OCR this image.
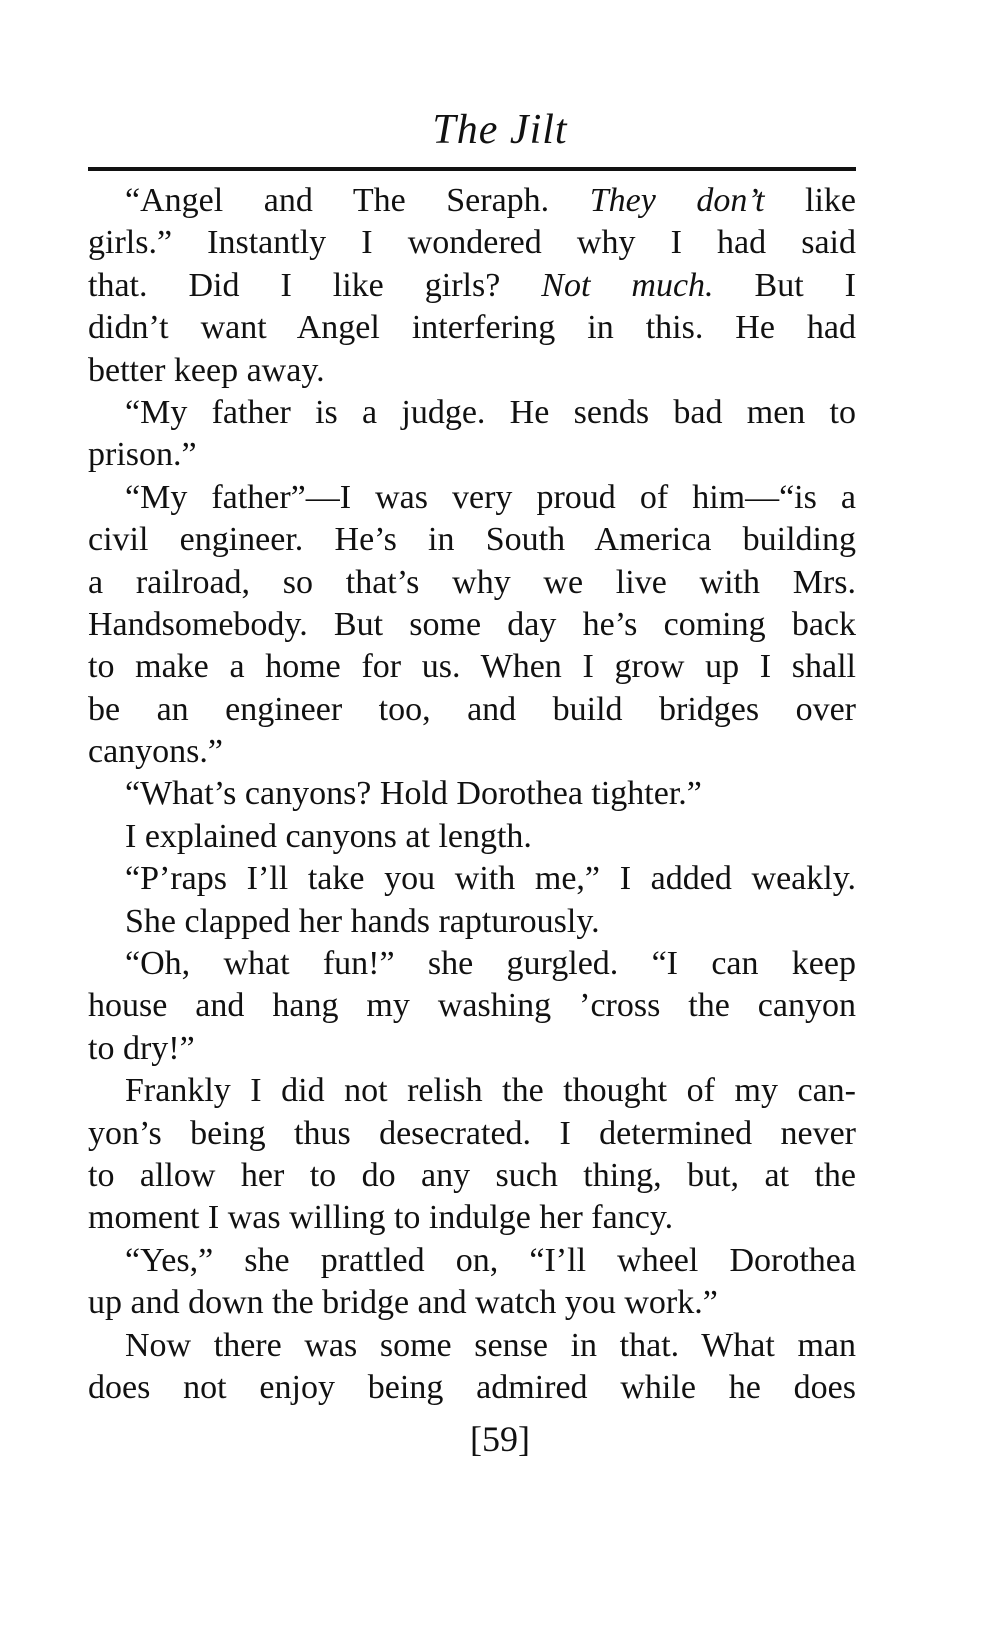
The Jilt
“Angel and The Seraph. They don’t like
girls.” Instantly I wondered why I had said
that. Did I like girls? Not much. But I
didn’t want Angel interfering in this. He had
better keep away.
“My father is a judge. He sends bad men to
prison.”
“My father”—I was very proud of him—“is a
civil engineer. He’s in South America building
a railroad, so that’s why we live with Mrs.
Handsomebody. But some day he’s coming back
to make a home for us. When I grow up I shall
be an engineer too, and build bridges over
canyons.”
“What’s canyons? Hold Dorothea tighter.”
I explained canyons at length.
“P’raps I’ll take you with me,” I added weakly.
She clapped her hands rapturously.
“Oh, what fun!” she gurgled. “I can keep
house and hang my washing ’cross the canyon
to dry!”
Frankly I did not relish the thought of my can-
yon’s being thus desecrated. I determined never
to allow her to do any such thing, but, at the
moment I was willing to indulge her fancy.
“Yes,” she prattled on, “I’ll wheel Dorothea
up and down the bridge and watch you work.”
Now there was some sense in that. What man
does not enjoy being admired while he does
[59]
